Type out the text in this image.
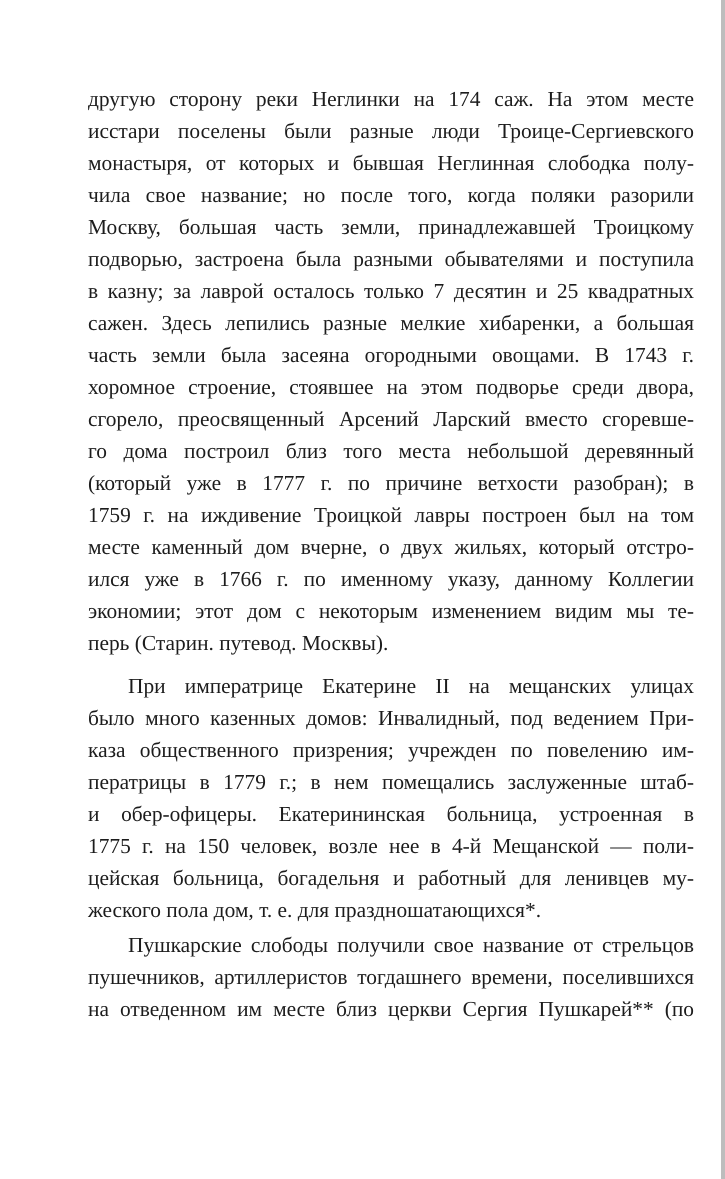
другую сторону реки Неглинки на 174 саж. На этом месте
исстари поселены были разные люди Троице-Сергиевского
монастыря, от которых и бывшая Неглинная слободка полу-
чила свое название; но после того, когда поляки разорили
Москву, большая часть земли, принадлежавшей Троицкому
подворью, застроена была разными обывателями и поступила
в казну; за лаврой осталось только 7 десятин и 25 квадратных
сажен. Здесь лепились разные мелкие хибаренки, а большая
часть земли была засеяна огородными овощами. В 1743 г.
хоромное строение, стоявшее на этом подворье среди двора,
сгорело, преосвященный Арсений Ларский вместо сгоревше-
го дома построил близ того места небольшой деревянный
(который уже в 1777 г. по причине ветхости разобран); в
1759 г. на иждивение Троицкой лавры построен был на том
месте каменный дом вчерне, о двух жильях, который отстро-
ился уже в 1766 г. по именному указу, данному Коллегии
экономии; этот дом с некоторым изменением видим мы те-
перь (Старин. путевод. Москвы).
При императрице Екатерине II на мещанских улицах
было много казенных домов: Инвалидный, под ведением При-
каза общественного призрения; учрежден по повелению им-
ператрицы в 1779 г.; в нем помещались заслуженные штаб-
и обер-офицеры. Екатерининская больница, устроенная в
1775 г. на 150 человек, возле нее в 4-й Мещанской — поли-
цейская больница, богадельня и работный для ленивцев му-
жеского пола дом, т. е. для праздношатающихся*.
Пушкарские слободы получили свое название от стрельцов
пушечников, артиллеристов тогдашнего времени, поселившихся
на отведенном им месте близ церкви Сергия Пушкарей** (по
